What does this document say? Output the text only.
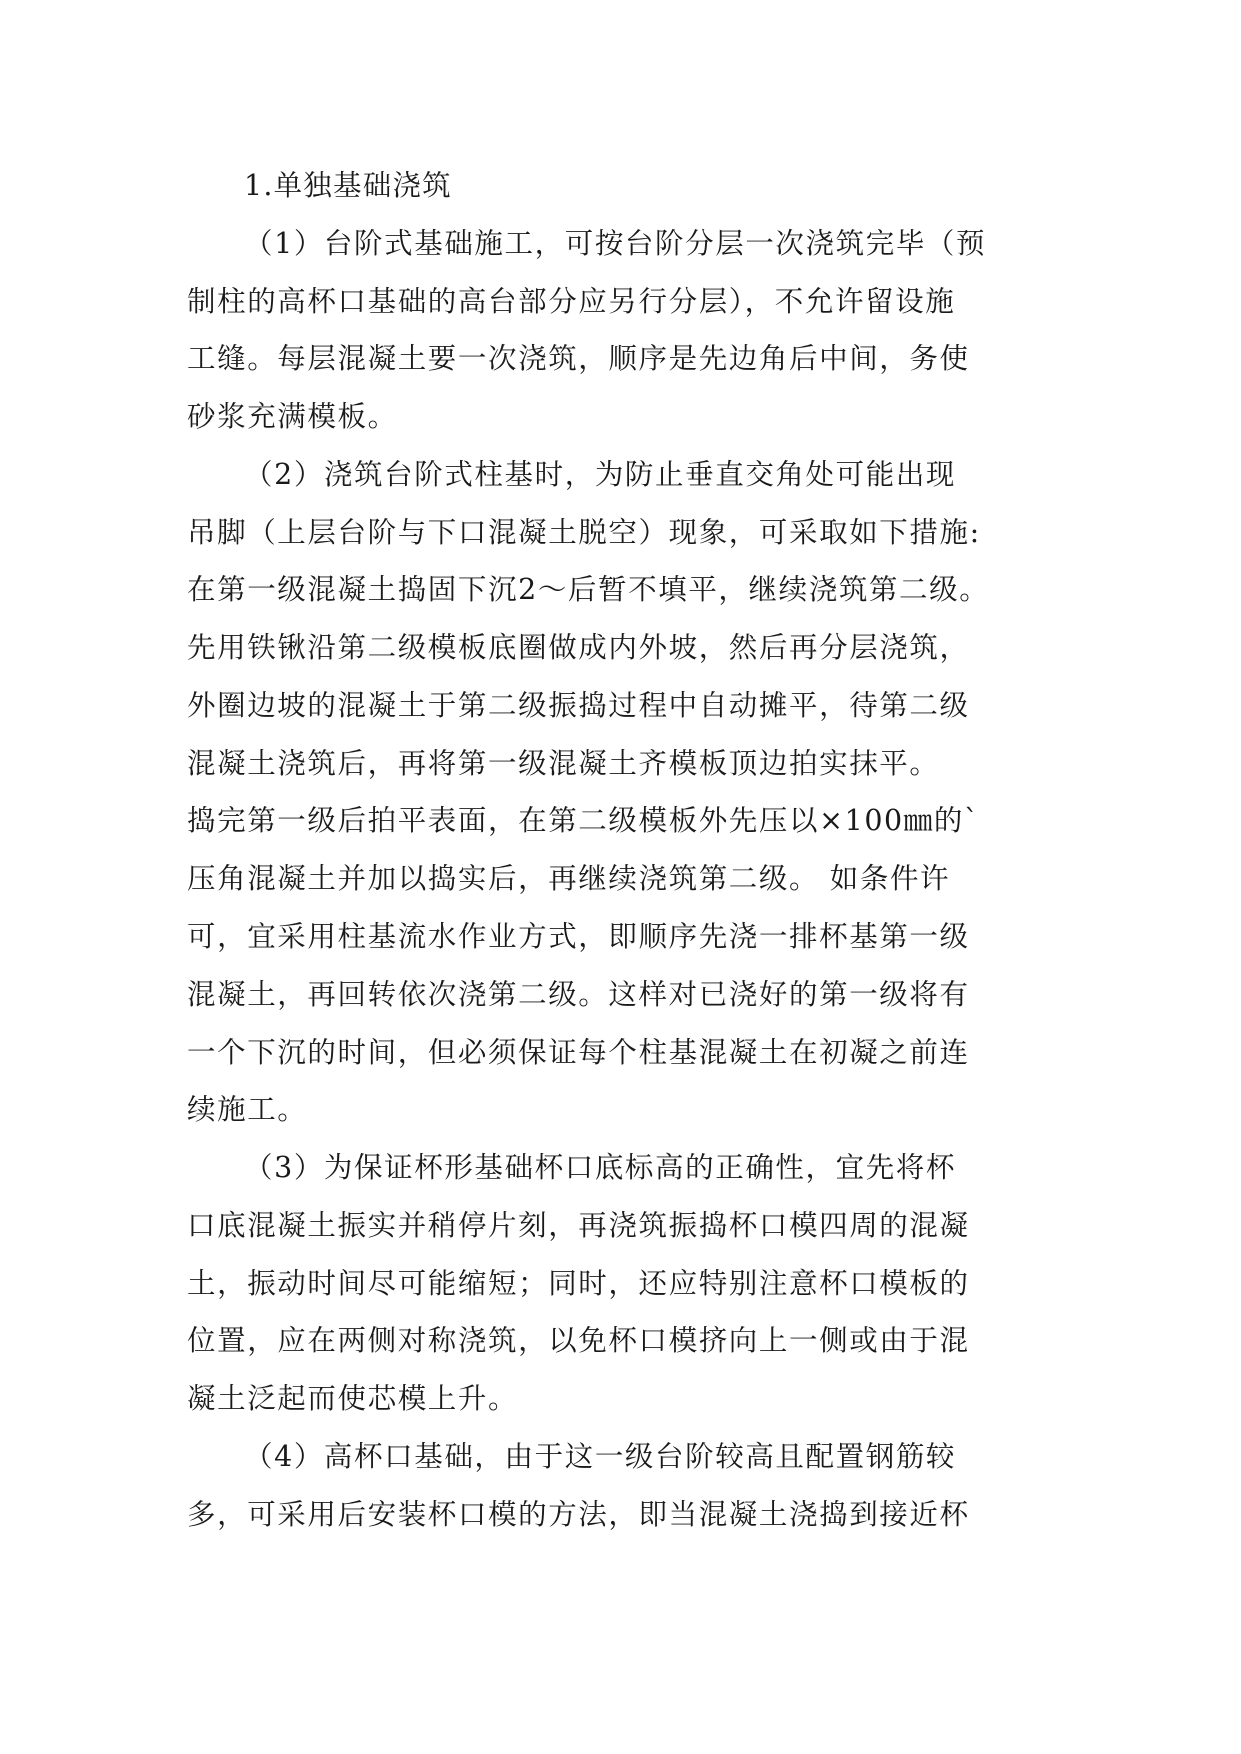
1.单独基础浇筑
（1）台阶式基础施工，可按台阶分层一次浇筑完毕（预
制柱的高杯口基础的高台部分应另行分层），不允许留设施
工缝。每层混凝土要一次浇筑，顺序是先边角后中间，务使
砂浆充满模板。
（2）浇筑台阶式柱基时，为防止垂直交角处可能出现
吊脚（上层台阶与下口混凝土脱空）现象，可采取如下措施:
在第一级混凝土捣固下沉2～后暂不填平，继续浇筑第二级。
先用铁锹沿第二级模板底圈做成内外坡，然后再分层浇筑，
外圈边坡的混凝土于第二级振捣过程中自动摊平，待第二级
混凝土浇筑后，再将第一级混凝土齐模板顶边拍实抹平。
捣完第一级后拍平表面，在第二级模板外先压以×100㎜的`
压角混凝土并加以捣实后，再继续浇筑第二级。 如条件许
可，宜采用柱基流水作业方式，即顺序先浇一排杯基第一级
混凝土，再回转依次浇第二级。这样对已浇好的第一级将有
一个下沉的时间，但必须保证每个柱基混凝土在初凝之前连
续施工。
（3）为保证杯形基础杯口底标高的正确性，宜先将杯
口底混凝土振实并稍停片刻，再浇筑振捣杯口模四周的混凝
土，振动时间尽可能缩短；同时，还应特别注意杯口模板的
位置，应在两侧对称浇筑，以免杯口模挤向上一侧或由于混
凝土泛起而使芯模上升。
（4）高杯口基础，由于这一级台阶较高且配置钢筋较
多，可采用后安装杯口模的方法，即当混凝土浇捣到接近杯
